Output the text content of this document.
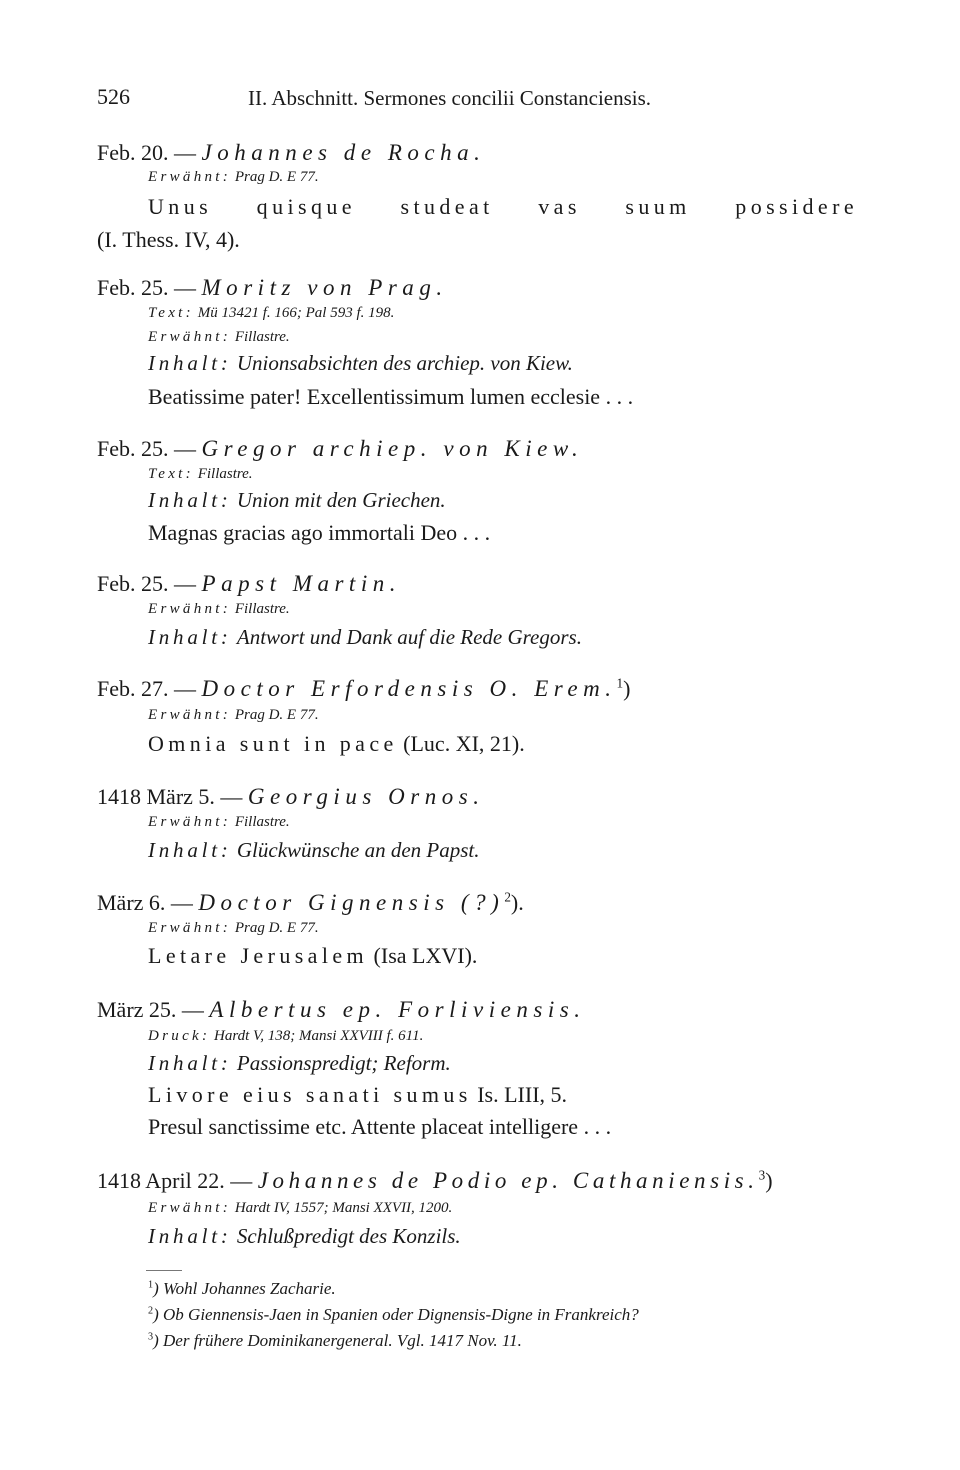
526	II. Abschnitt. Sermones concilii Constanciensis.
Feb. 20. — Johannes de Rocha.
Erwähnt: Prag D. E 77.
Unus quisque studeat vas suum possidere
(I. Thess. IV, 4).
Feb. 25. — Moritz von Prag.
Text: Mü 13421 f. 166; Pal 593 f. 198.
Erwähnt: Fillastre.
Inhalt: Unionsabsichten des archiep. von Kiew.
Beatissime pater! Excellentissimum lumen ecclesie . . .
Feb. 25. — Gregor archiep. von Kiew.
Text: Fillastre.
Inhalt: Union mit den Griechen.
Magnas gracias ago immortali Deo . . .
Feb. 25. — Papst Martin.
Erwähnt: Fillastre.
Inhalt: Antwort und Dank auf die Rede Gregors.
Feb. 27. — Doctor Erfordensis O. Erem.$^1$)
Erwähnt: Prag D. E 77.
Omnia sunt in pace (Luc. XI, 21).
1418 März 5. — Georgius Ornos.
Erwähnt: Fillastre.
Inhalt: Glückwünsche an den Papst.
März 6. — Doctor Gignensis (?)$^2$).
Erwähnt: Prag D. E 77.
Letare Jerusalem (Isa LXVI).
März 25. — Albertus ep. Forliviensis.
Druck: Hardt V, 138; Mansi XXVIII f. 611.
Inhalt: Passionspredigt; Reform.
Livore eius sanati sumus Is. LIII, 5.
Presul sanctissime etc. Attente placeat intelligere . . .
1418 April 22. — Johannes de Podio ep. Cathaniensis.$^3$)
Erwähnt: Hardt IV, 1557; Mansi XXVII, 1200.
Inhalt: Schlußpredigt des Konzils.
$^1$) Wohl Johannes Zacharie.
$^2$) Ob Giennensis-Jaen in Spanien oder Dignensis-Digne in Frankreich?
$^3$) Der frühere Dominikanergeneral. Vgl. 1417 Nov. 11.
